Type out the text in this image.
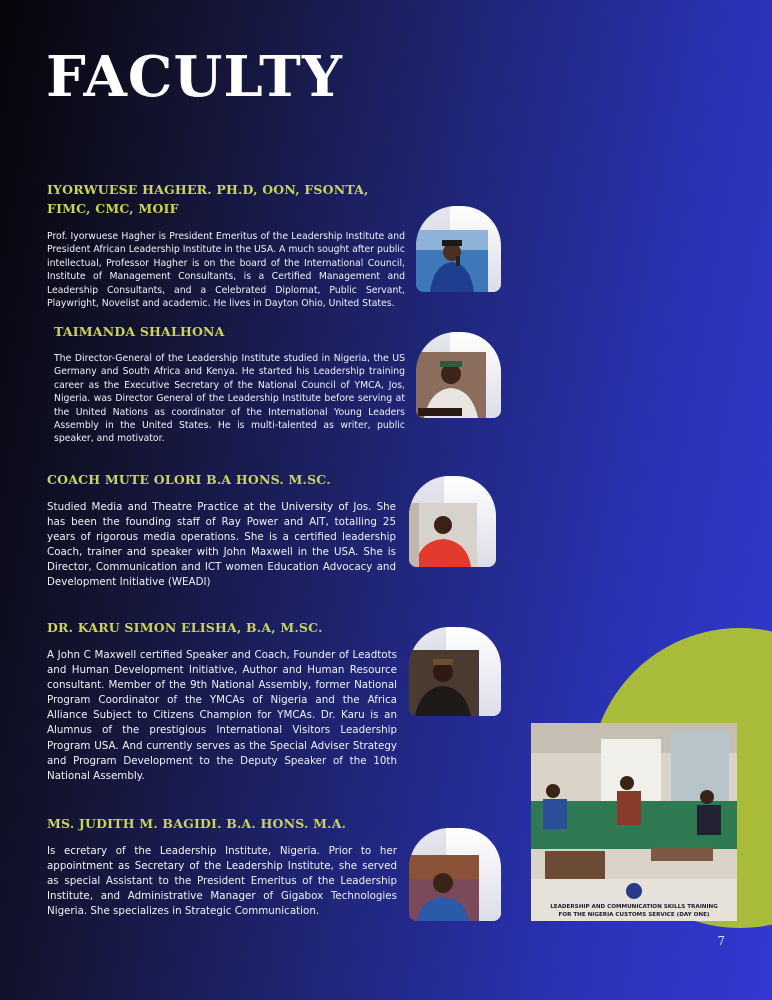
FACULTY

IYORWUESE HAGHER. PH.D, OON, FSONTA,
FIMC, CMC, MOIF

Prof. Iyorwuese Hagher is President Emeritus of the Leadership Institute and President African Leadership Institute in the USA. A much sought after public intellectual, Professor Hagher is on the board of the International Council, Institute of Management Consultants, is a Certified Management and Leadership Consultants, and a Celebrated Diplomat, Public Servant, Playwright, Novelist and academic. He lives in Dayton Ohio, United States.

TAIMANDA SHALHONA

The Director-General of the Leadership Institute studied in Nigeria, the US Germany and South Africa and Kenya. He started his Leadership training career as the Executive Secretary of the National Council of YMCA, Jos, Nigeria. was Director General of the Leadership Institute before serving at the United Nations as coordinator of the International Young Leaders Assembly in the United States. He is multi-talented as writer, public speaker, and motivator.

COACH MUTE OLORI B.A HONS. M.SC.

Studied Media and Theatre Practice at the University of Jos. She has been the founding staff of Ray Power and AIT, totalling 25 years of rigorous media operations. She is a certified leadership Coach, trainer and speaker with John Maxwell in the USA. She is Director, Communication and ICT women Education Advocacy and Development Initiative (WEADI)

DR. KARU SIMON ELISHA, B.A, M.SC.

A John C Maxwell certified Speaker and Coach, Founder of Leadtots and Human Development Initiative, Author and Human Resource consultant. Member of the 9th National Assembly, former National Program Coordinator of the YMCAs of Nigeria and the Africa Alliance Subject to Citizens Champion for YMCAs. Dr. Karu is an Alumnus of the prestigious International Visitors Leadership Program USA. And currently serves as the Special Adviser Strategy and Program Development to the Deputy Speaker of the 10th National Assembly.

MS. JUDITH M. BAGIDI. B.A. HONS. M.A.

Is ecretary of the Leadership Institute, Nigeria. Prior to her appointment as Secretary of the Leadership Institute, she served as special Assistant to the President Emeritus of the Leadership Institute, and Administrative Manager of Gigabox Technologies Nigeria. She specializes in Strategic Communication.	LEADERSHIP AND COMMUNICATION SKILLS TRAINING
FOR THE NIGERIA CUSTOMS SERVICE (DAY ONE)
7
